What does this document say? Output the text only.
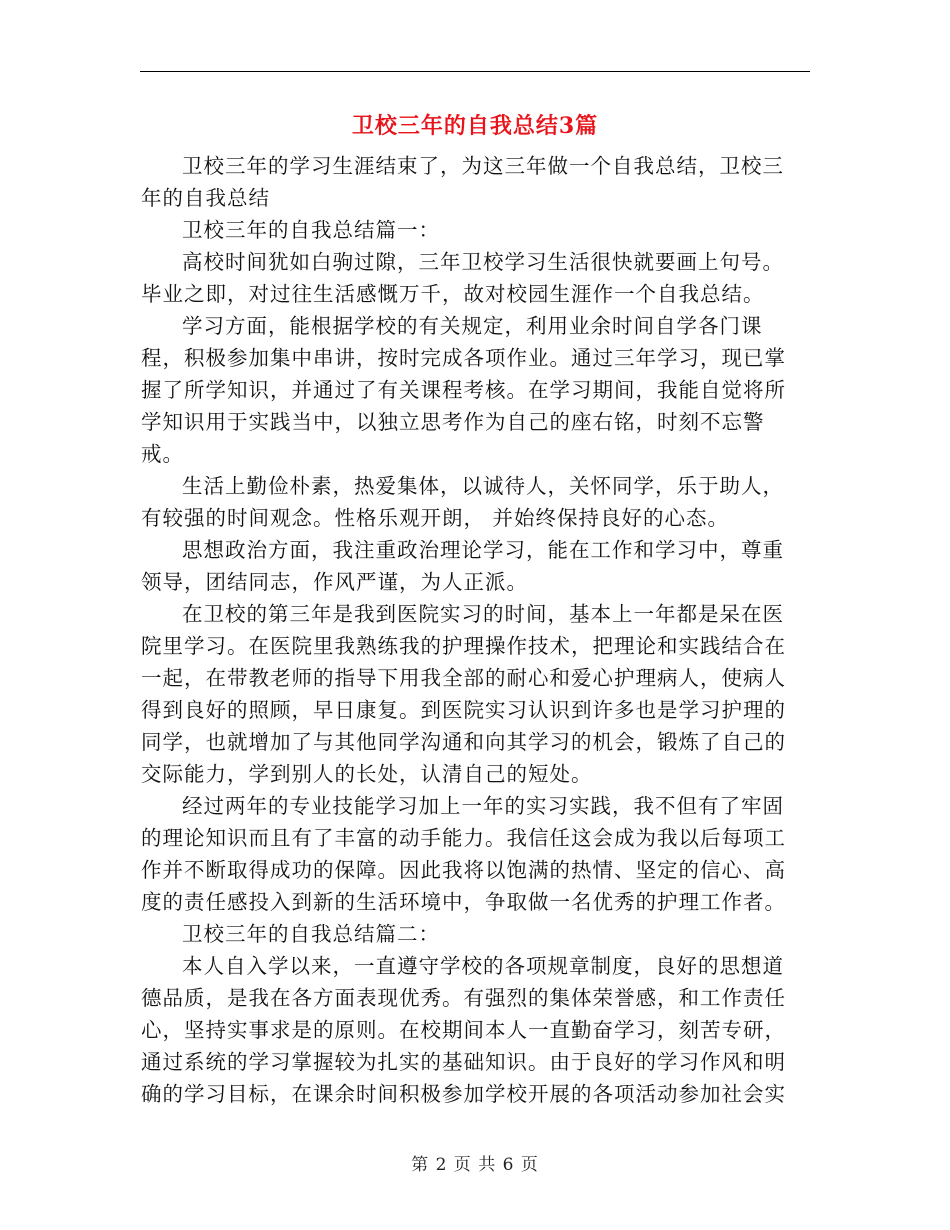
卫校三年的自我总结3篇

卫校三年的学习生涯结束了，为这三年做一个自我总结，卫校三年的自我总结

卫校三年的自我总结篇一：

高校时间犹如白驹过隙，三年卫校学习生活很快就要画上句号。毕业之即，对过往生活感慨万千，故对校园生涯作一个自我总结。

学习方面，能根据学校的有关规定，利用业余时间自学各门课程，积极参加集中串讲，按时完成各项作业。通过三年学习，现已掌握了所学知识，并通过了有关课程考核。在学习期间，我能自觉将所学知识用于实践当中，以独立思考作为自己的座右铭，时刻不忘警戒。

生活上勤俭朴素，热爱集体，以诚待人，关怀同学，乐于助人，有较强的时间观念。性格乐观开朗， 并始终保持良好的心态。

思想政治方面，我注重政治理论学习，能在工作和学习中，尊重领导，团结同志，作风严谨，为人正派。

在卫校的第三年是我到医院实习的时间，基本上一年都是呆在医院里学习。在医院里我熟练我的护理操作技术，把理论和实践结合在一起，在带教老师的指导下用我全部的耐心和爱心护理病人，使病人得到良好的照顾，早日康复。到医院实习认识到许多也是学习护理的同学，也就增加了与其他同学沟通和向其学习的机会，锻炼了自己的交际能力，学到别人的长处，认清自己的短处。

经过两年的专业技能学习加上一年的实习实践，我不但有了牢固的理论知识而且有了丰富的动手能力。我信任这会成为我以后每项工作并不断取得成功的保障。因此我将以饱满的热情、坚定的信心、高度的责任感投入到新的生活环境中，争取做一名优秀的护理工作者。

卫校三年的自我总结篇二：

本人自入学以来，一直遵守学校的各项规章制度，良好的思想道德品质，是我在各方面表现优秀。有强烈的集体荣誉感，和工作责任心，坚持实事求是的原则。在校期间本人一直勤奋学习，刻苦专研，通过系统的学习掌握较为扎实的基础知识。由于良好的学习作风和明确的学习目标，在课余时间积极参加学校开展的各项活动参加社会实

第 2 页 共 6 页
